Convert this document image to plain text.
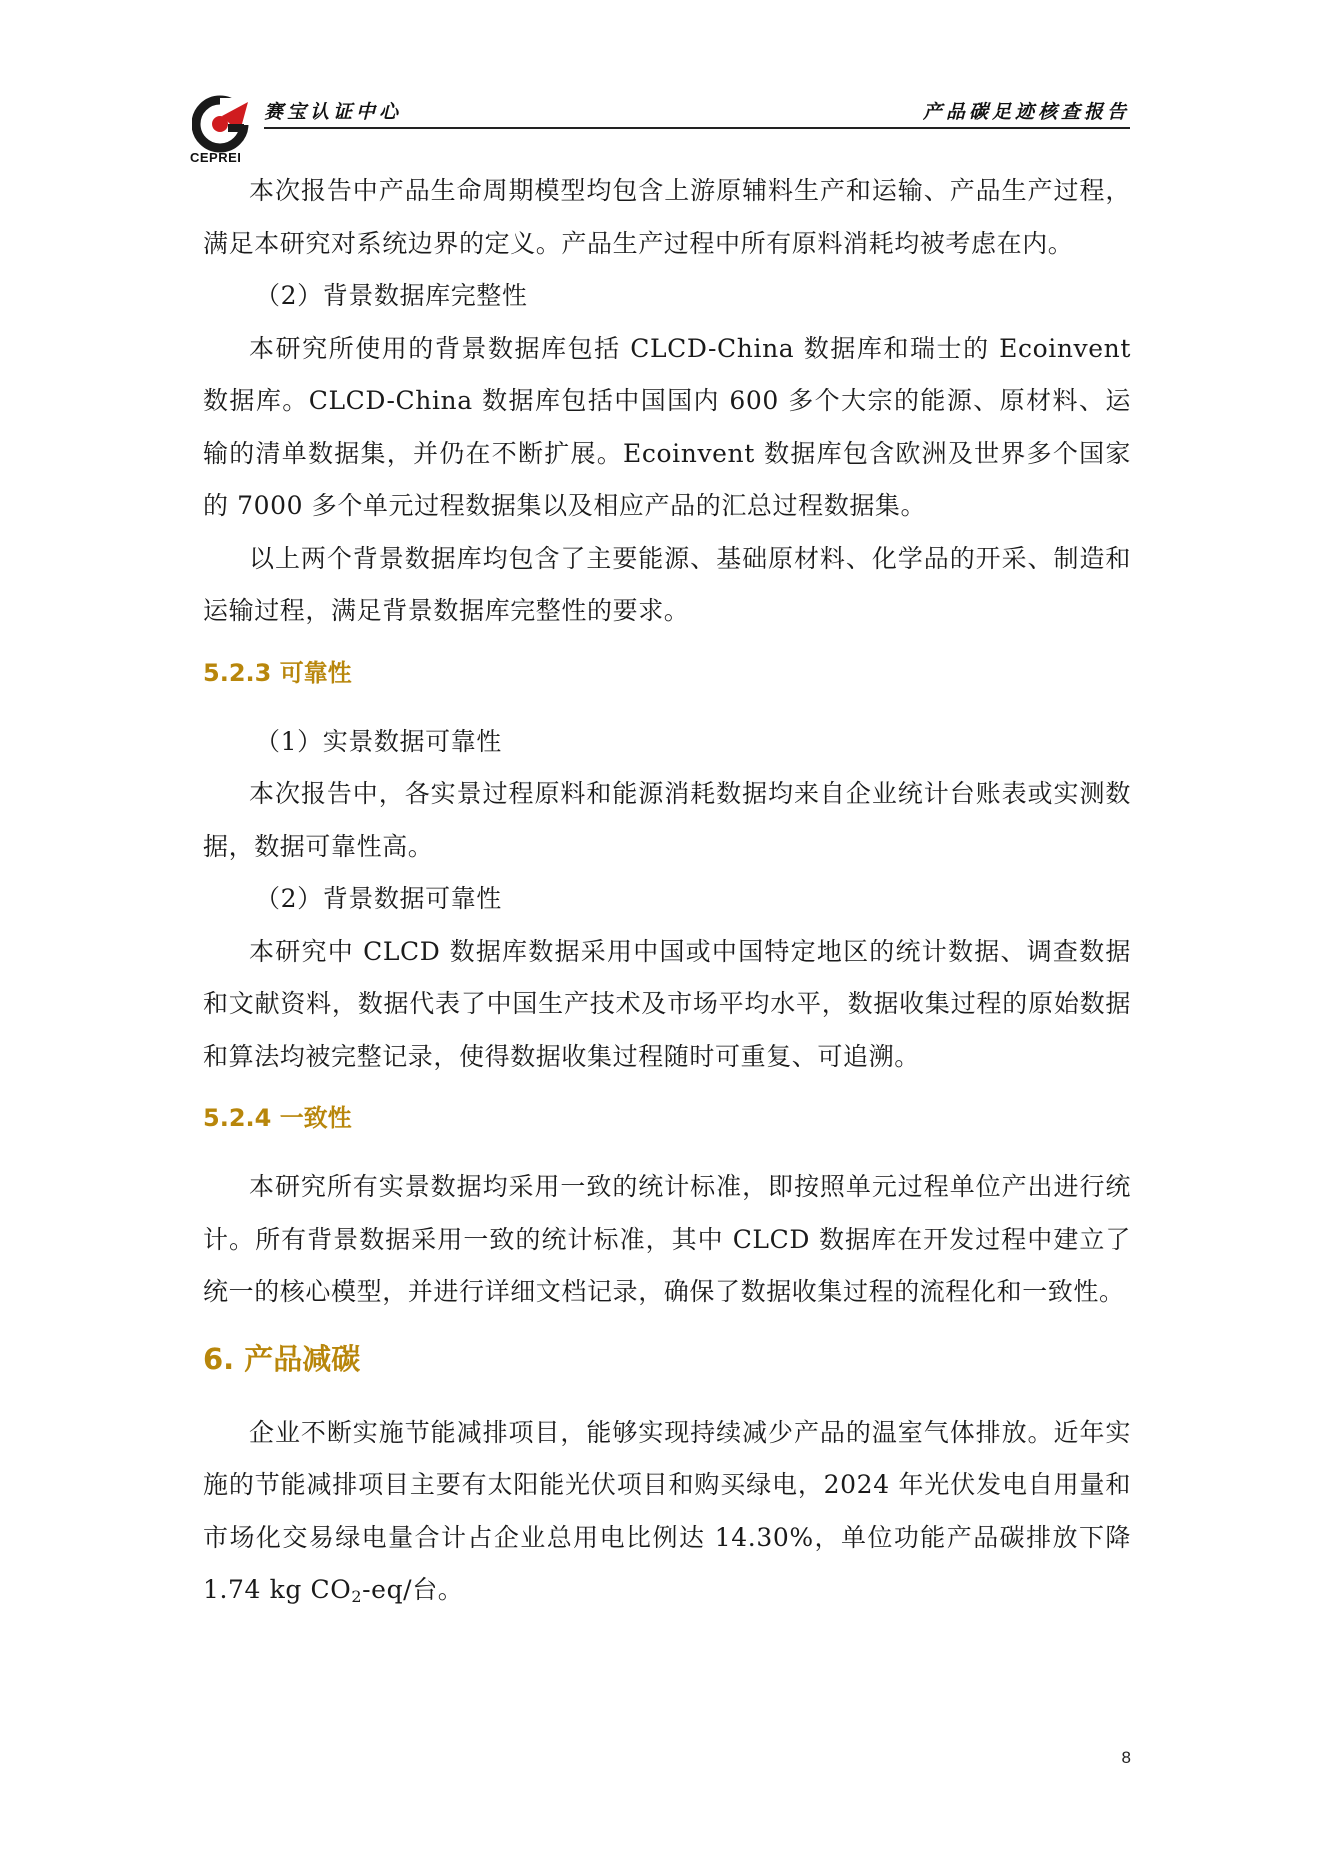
CEPREI
赛宝认证中心	产品碳足迹核查报告

本次报告中产品生命周期模型均包含上游原辅料生产和运输、产品生产过程，满足本研究对系统边界的定义。产品生产过程中所有原料消耗均被考虑在内。

（2）背景数据库完整性

本研究所使用的背景数据库包括 CLCD-China 数据库和瑞士的 Ecoinvent 数据库。CLCD-China 数据库包括中国国内 600 多个大宗的能源、原材料、运输的清单数据集，并仍在不断扩展。Ecoinvent 数据库包含欧洲及世界多个国家的 7000 多个单元过程数据集以及相应产品的汇总过程数据集。

以上两个背景数据库均包含了主要能源、基础原材料、化学品的开采、制造和运输过程，满足背景数据库完整性的要求。

5.2.3 可靠性

（1）实景数据可靠性

本次报告中，各实景过程原料和能源消耗数据均来自企业统计台账表或实测数据，数据可靠性高。

（2）背景数据可靠性

本研究中 CLCD 数据库数据采用中国或中国特定地区的统计数据、调查数据和文献资料，数据代表了中国生产技术及市场平均水平，数据收集过程的原始数据和算法均被完整记录，使得数据收集过程随时可重复、可追溯。

5.2.4 一致性

本研究所有实景数据均采用一致的统计标准，即按照单元过程单位产出进行统计。所有背景数据采用一致的统计标准，其中 CLCD 数据库在开发过程中建立了统一的核心模型，并进行详细文档记录，确保了数据收集过程的流程化和一致性。

6. 产品减碳

企业不断实施节能减排项目，能够实现持续减少产品的温室气体排放。近年实施的节能减排项目主要有太阳能光伏项目和购买绿电，2024 年光伏发电自用量和市场化交易绿电量合计占企业总用电比例达 14.30%，单位功能产品碳排放下降 1.74 kg $CO_2-eq/$台。

8
